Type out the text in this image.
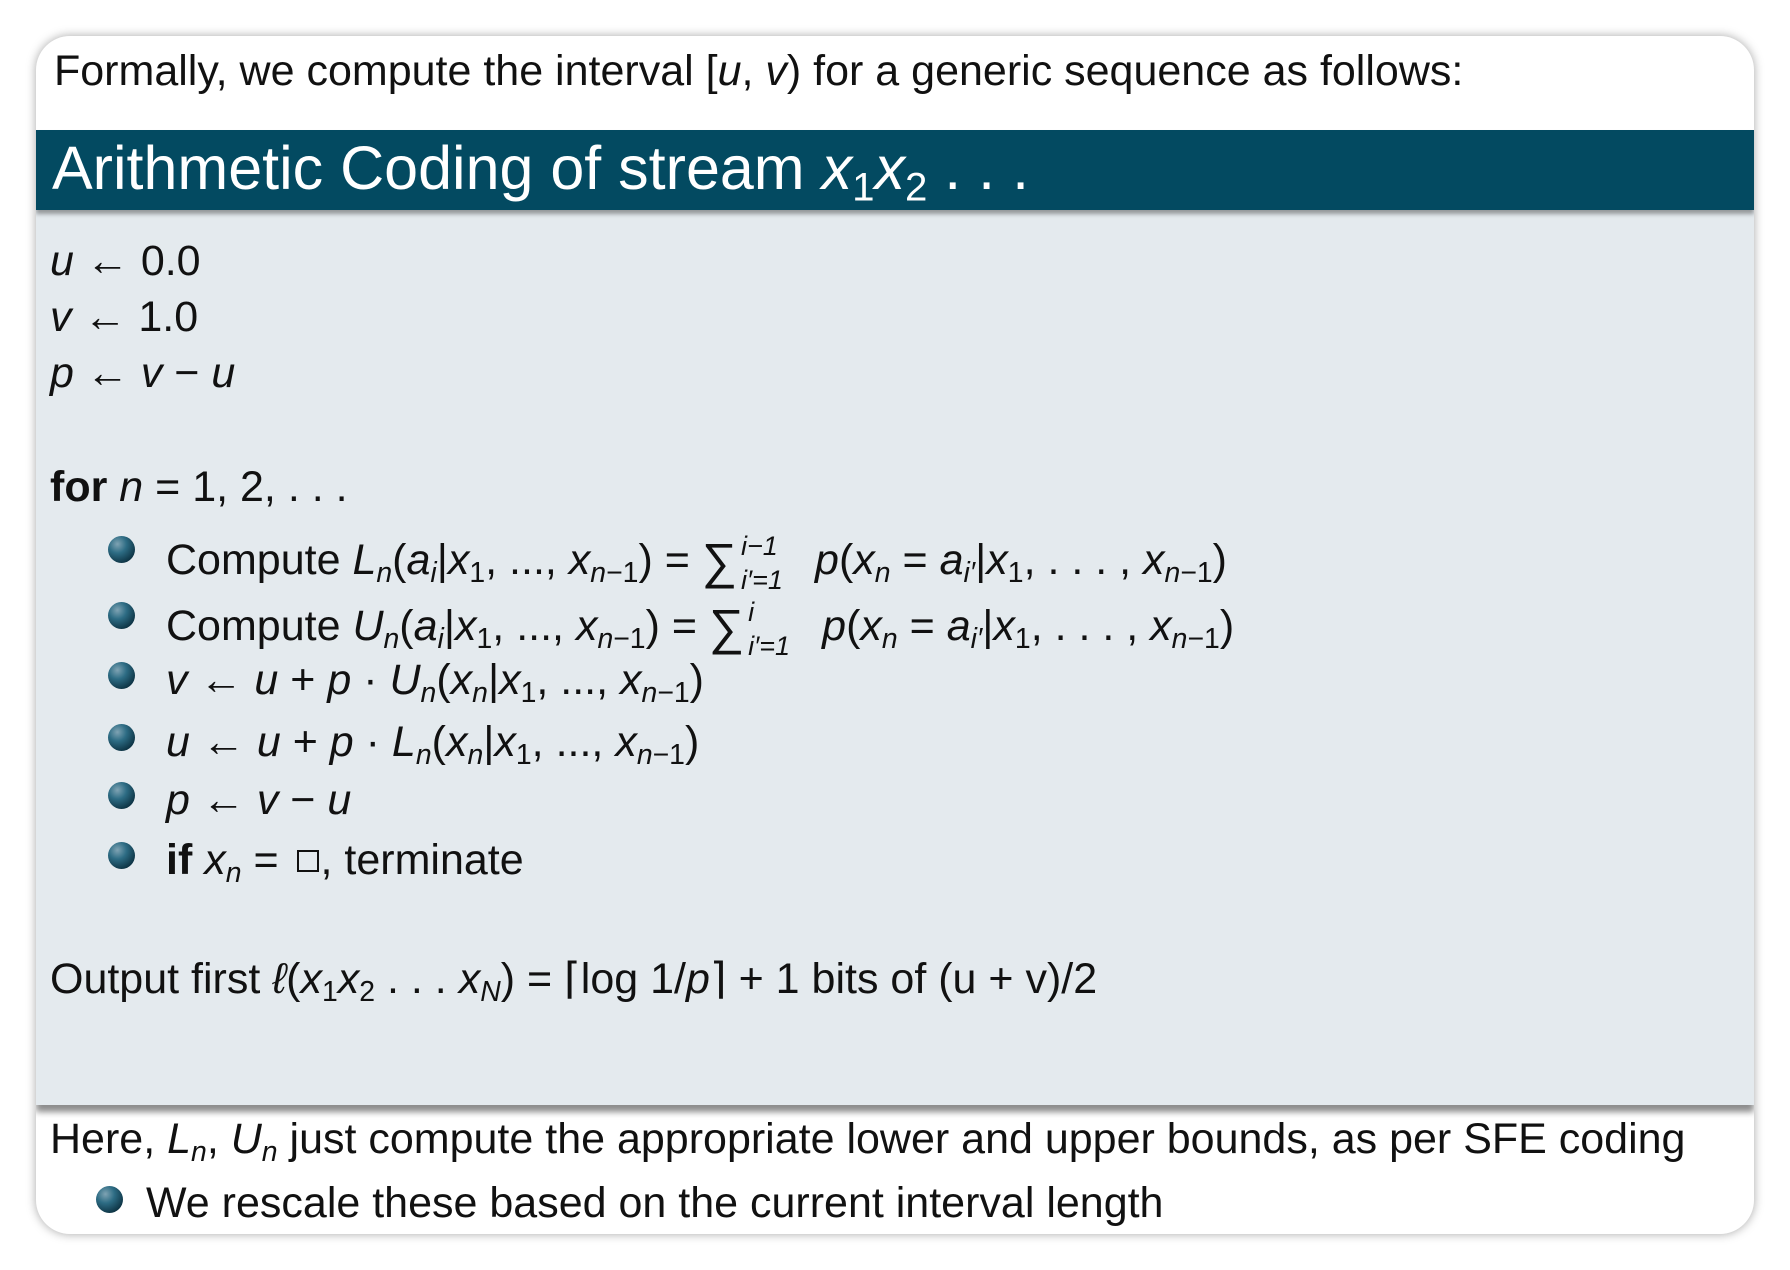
Formally, we compute the interval [u, v) for a generic sequence as follows:
Arithmetic Coding of stream $x_1x_2$ . . .
u ← 0.0
v ← 1.0
p ← v − u
for n = 1, 2, . . .
Compute $L_n(a_i|x_1$, ..., $x_{n-1}$) = ∑ i−1
i′=1 $p(x_n = a_{i'}|x_1$, . . . , $x_{n-1}$)
Compute $U_n(a_i|x_1$, ..., $x_{n-1}$) = ∑ i
i′=1 $p(x_n = a_{i'}|x_1$, . . . , $x_{n-1}$)
v ← $u + p \cdot U_n(x_n|x_1$, ..., $x_{n-1}$)
u ← $u + p \cdot L_n(x_n|x_1$, ..., $x_{n-1}$)
p ← v − u
if $x_n$ = , terminate
Output first $\ell(x_1x_2$ . . . $x_N$) = ⌈log 1/p⌉ + 1 bits of (u + v)/2
Here, $L_n$, $U_n$ just compute the appropriate lower and upper bounds, as per SFE coding
We rescale these based on the current interval length
